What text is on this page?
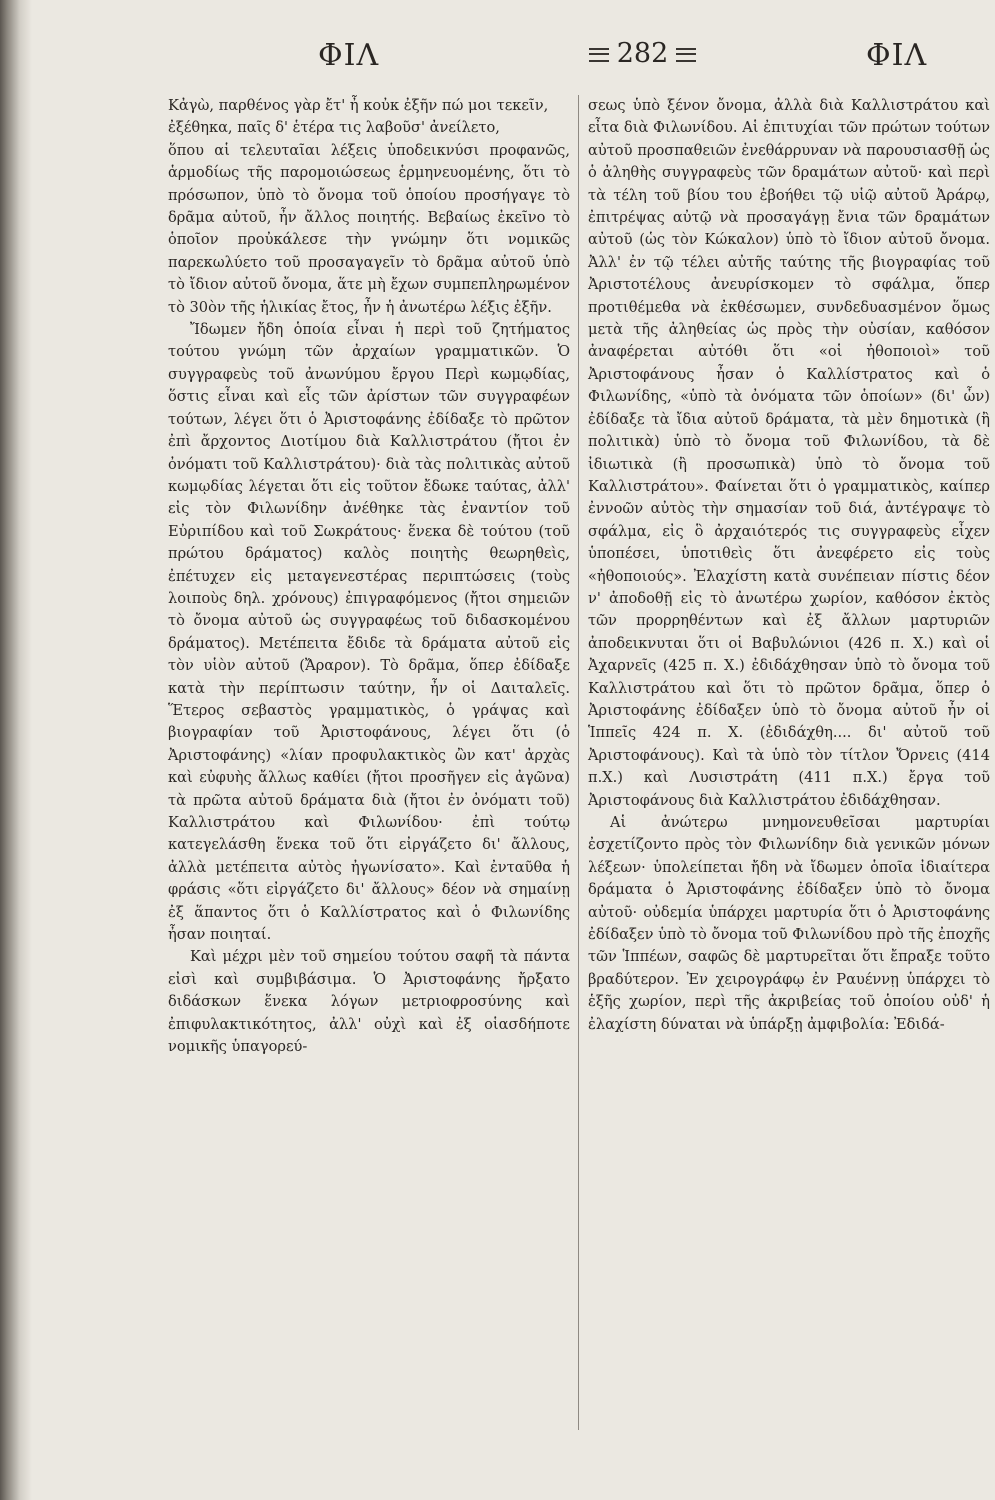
ΦΙΛ	282	ΦΙΛ

Κἀγὼ, παρθένος γὰρ ἔτ' ἦ κοὐκ ἐξῆν πώ μοι τεκεῖν,

ἐξέθηκα, παῖς δ' ἑτέρα τις λαβοῦσ' ἀνείλετο,

ὅπου αἱ τελευταῖαι λέξεις ὑποδεικνύσι προφανῶς, ἁρμοδίως τῆς παρομοιώσεως ἑρμηνευομένης, ὅτι τὸ πρόσωπον, ὑπὸ τὸ ὄνομα τοῦ ὁποίου προσήγαγε τὸ δρᾶμα αὐτοῦ, ἦν ἄλλος ποιητής. Βεβαίως ἐκεῖνο τὸ ὁποῖον προὐκάλεσε τὴν γνώμην ὅτι νομικῶς παρεκωλύετο τοῦ προσαγαγεῖν τὸ δρᾶμα αὐτοῦ ὑπὸ τὸ ἴδιον αὐτοῦ ὄνομα, ἅτε μὴ ἔχων συμπεπληρωμένον τὸ 30ὸν τῆς ἡλικίας ἔτος, ἦν ἡ ἀνωτέρω λέξις ἐξῆν.

Ἴδωμεν ἤδη ὁποία εἶναι ἡ περὶ τοῦ ζητήματος τούτου γνώμη τῶν ἀρχαίων γραμματικῶν. Ὁ συγγραφεὺς τοῦ ἀνωνύμου ἔργου Περὶ κωμῳδίας, ὅστις εἶναι καὶ εἷς τῶν ἀρίστων τῶν συγγραφέων τούτων, λέγει ὅτι ὁ Ἀριστοφάνης ἐδίδαξε τὸ πρῶτον ἐπὶ ἄρχοντος Διοτίμου διὰ Καλλιστράτου (ἤτοι ἐν ὀνόματι τοῦ Καλλιστράτου)· διὰ τὰς πολιτικὰς αὐτοῦ κωμῳδίας λέγεται ὅτι εἰς τοῦτον ἔδωκε ταύτας, ἀλλ' εἰς τὸν Φιλωνίδην ἀνέθηκε τὰς ἐναντίον τοῦ Εὐριπίδου καὶ τοῦ Σωκράτους· ἕνεκα δὲ τούτου (τοῦ πρώτου δράματος) καλὸς ποιητὴς θεωρηθεὶς, ἐπέτυχεν εἰς μεταγενεστέρας περιπτώσεις (τοὺς λοιποὺς δηλ. χρόνους) ἐπιγραφόμενος (ἤτοι σημειῶν τὸ ὄνομα αὐτοῦ ὡς συγγραφέως τοῦ διδασκομένου δράματος). Μετέπειτα ἔδιδε τὰ δράματα αὐτοῦ εἰς τὸν υἱὸν αὐτοῦ (Ἄραρον). Τὸ δρᾶμα, ὅπερ ἐδίδαξε κατὰ τὴν περίπτωσιν ταύτην, ἦν οἱ Δαιταλεῖς. Ἕτερος σεβαστὸς γραμματικὸς, ὁ γράψας καὶ βιογραφίαν τοῦ Ἀριστοφάνους, λέγει ὅτι (ὁ Ἀριστοφάνης) «λίαν προφυλακτικὸς ὢν κατ' ἀρχὰς καὶ εὐφυὴς ἄλλως καθίει (ἤτοι προσῆγεν εἰς ἀγῶνα) τὰ πρῶτα αὐτοῦ δράματα διὰ (ἤτοι ἐν ὀνόματι τοῦ) Καλλιστράτου καὶ Φιλωνίδου· ἐπὶ τούτῳ κατεγελάσθη ἕνεκα τοῦ ὅτι εἰργάζετο δι' ἄλλους, ἀλλὰ μετέπειτα αὐτὸς ἠγωνίσατο». Καὶ ἐνταῦθα ἡ φράσις «ὅτι εἰργάζετο δι' ἄλλους» δέον νὰ σημαίνῃ ἐξ ἅπαντος ὅτι ὁ Καλλίστρατος καὶ ὁ Φιλωνίδης ἦσαν ποιηταί.

Καὶ μέχρι μὲν τοῦ σημείου τούτου σαφῆ τὰ πάντα εἰσὶ καὶ συμβιβάσιμα. Ὁ Ἀριστοφάνης ἤρξατο διδάσκων ἕνεκα λόγων μετριοφροσύνης καὶ ἐπιφυλακτικότητος, ἀλλ' οὐχὶ καὶ ἐξ οἱασδήποτε νομικῆς ὑπαγορεύ-

σεως ὑπὸ ξένον ὄνομα, ἀλλὰ διὰ Καλλιστράτου καὶ εἶτα διὰ Φιλωνίδου. Αἱ ἐπιτυχίαι τῶν πρώτων τούτων αὐτοῦ προσπαθειῶν ἐνεθάρρυναν νὰ παρουσιασθῇ ὡς ὁ ἀληθὴς συγγραφεὺς τῶν δραμάτων αὐτοῦ· καὶ περὶ τὰ τέλη τοῦ βίου του ἐβοήθει τῷ υἱῷ αὐτοῦ Ἀράρῳ, ἐπιτρέψας αὐτῷ νὰ προσαγάγῃ ἔνια τῶν δραμάτων αὐτοῦ (ὡς τὸν Κώκαλον) ὑπὸ τὸ ἴδιον αὐτοῦ ὄνομα. Ἀλλ' ἐν τῷ τέλει αὐτῆς ταύτης τῆς βιογραφίας τοῦ Ἀριστοτέλους ἀνευρίσκομεν τὸ σφάλμα, ὅπερ προτιθέμεθα νὰ ἐκθέσωμεν, συνδεδυασμένον ὅμως μετὰ τῆς ἀληθείας ὡς πρὸς τὴν οὐσίαν, καθόσον ἀναφέρεται αὐτόθι ὅτι «οἱ ἠθοποιοὶ» τοῦ Ἀριστοφάνους ἦσαν ὁ Καλλίστρατος καὶ ὁ Φιλωνίδης, «ὑπὸ τὰ ὀνόματα τῶν ὁποίων» (δι' ὧν) ἐδίδαξε τὰ ἴδια αὐτοῦ δράματα, τὰ μὲν δημοτικὰ (ἢ πολιτικὰ) ὑπὸ τὸ ὄνομα τοῦ Φιλωνίδου, τὰ δὲ ἰδιωτικὰ (ἢ προσωπικὰ) ὑπὸ τὸ ὄνομα τοῦ Καλλιστράτου». Φαίνεται ὅτι ὁ γραμματικὸς, καίπερ ἐννοῶν αὐτὸς τὴν σημασίαν τοῦ διά, ἀντέγραψε τὸ σφάλμα, εἰς ὃ ἀρχαιότερός τις συγγραφεὺς εἶχεν ὑποπέσει, ὑποτιθεὶς ὅτι ἀνεφέρετο εἰς τοὺς «ἠθοποιούς». Ἐλαχίστη κατὰ συνέπειαν πίστις δέον ν' ἀποδοθῇ εἰς τὸ ἀνωτέρω χωρίον, καθόσον ἐκτὸς τῶν προρρηθέντων καὶ ἐξ ἄλλων μαρτυριῶν ἀποδεικνυται ὅτι οἱ Βαβυλώνιοι (426 π. Χ.) καὶ οἱ Ἀχαρνεῖς (425 π. Χ.) ἐδιδάχθησαν ὑπὸ τὸ ὄνομα τοῦ Καλλιστράτου καὶ ὅτι τὸ πρῶτον δρᾶμα, ὅπερ ὁ Ἀριστοφάνης ἐδίδαξεν ὑπὸ τὸ ὄνομα αὐτοῦ ἦν οἱ Ἱππεῖς 424 π. Χ. (ἐδιδάχθη.... δι' αὐτοῦ τοῦ Ἀριστοφάνους). Καὶ τὰ ὑπὸ τὸν τίτλον Ὄρνεις (414 π.Χ.) καὶ Λυσιστράτη (411 π.Χ.) ἔργα τοῦ Ἀριστοφάνους διὰ Καλλιστράτου ἐδιδάχθησαν.

Αἱ ἀνώτερω μνημονευθεῖσαι μαρτυρίαι ἐσχετίζοντο πρὸς τὸν Φιλωνίδην διὰ γενικῶν μόνων λέξεων· ὑπολείπεται ἤδη νὰ ἴδωμεν ὁποῖα ἰδιαίτερα δράματα ὁ Ἀριστοφάνης ἐδίδαξεν ὑπὸ τὸ ὄνομα αὐτοῦ· οὐδεμία ὑπάρχει μαρτυρία ὅτι ὁ Ἀριστοφάνης ἐδίδαξεν ὑπὸ τὸ ὄνομα τοῦ Φιλωνίδου πρὸ τῆς ἐποχῆς τῶν Ἱππέων, σαφῶς δὲ μαρτυρεῖται ὅτι ἔπραξε τοῦτο βραδύτερον. Ἐν χειρογράφῳ ἐν Ραυέννῃ ὑπάρχει τὸ ἑξῆς χωρίον, περὶ τῆς ἀκριβείας τοῦ ὁποίου οὐδ' ἡ ἐλαχίστη δύναται νὰ ὑπάρξῃ ἀμφιβολία: Ἐδιδά-
